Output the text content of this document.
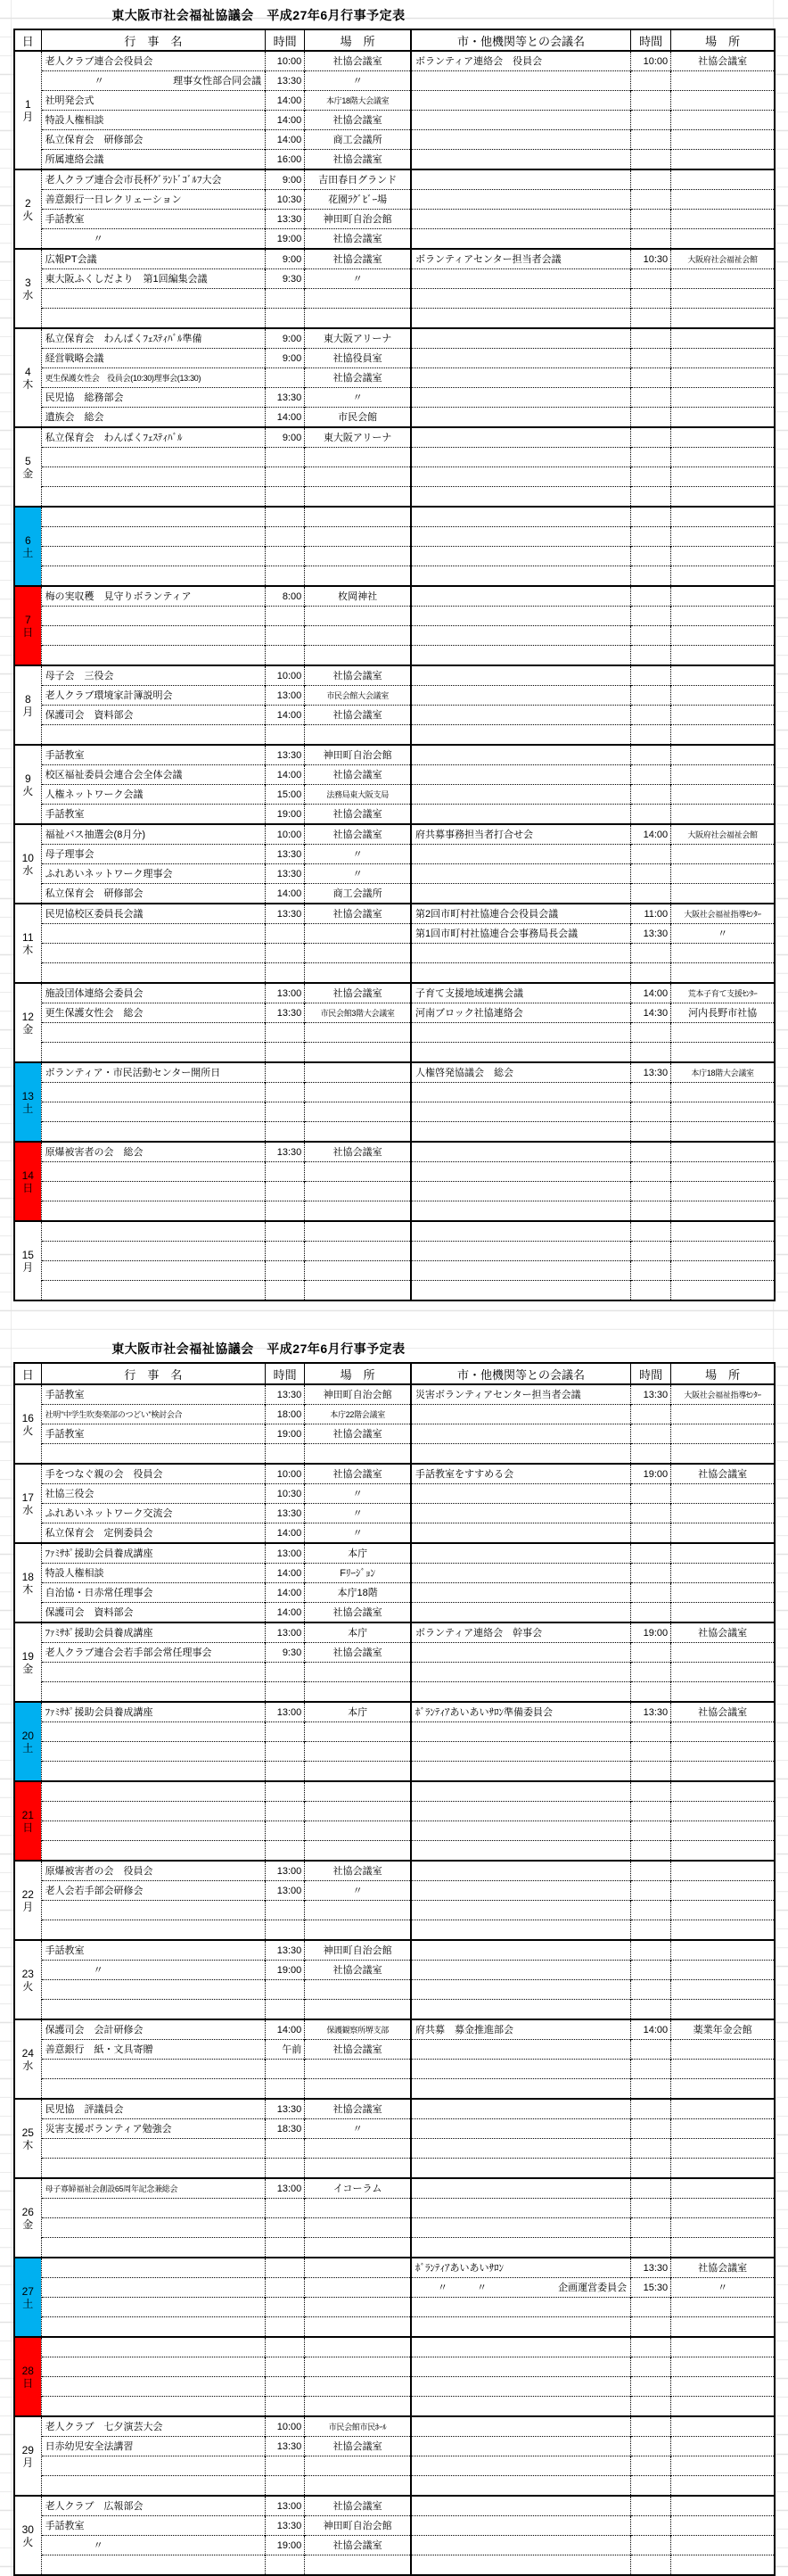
東大阪市社会福祉協議会　平成27年6月行事予定表
日	行　事　名	時間	場　所	市・他機関等との会議名	時間	場　所

1
月	老人クラブ連合会役員会	10:00	社協会議室	ボランティア連絡会　役員会	10:00	社協会議室

	〃 理事女性部合同会議	13:30	〃			
	社明発会式	14:00	本庁18階大会議室			
	特設人権相談	14:00	社協会議室			
	私立保育会　研修部会	14:00	商工会議所			
	所属連絡会議	16:00	社協会議室			

2
火	老人クラブ連合会市長杯ｸﾞﾗﾝﾄﾞｺﾞﾙﾌ大会	9:00	吉田春日グランド			
	善意銀行一日レクリェーション	10:30	花園ﾗｸﾞﾋﾞｰ場			
	手話教室	13:30	神田町自治会館			
	〃	19:00	社協会議室			

3
水	広報PT会議	9:00	社協会議室	ボランティアセンター担当者会議	10:30	大阪府社会福祉会館
	東大阪ふくしだより　第1回編集会議	9:30	〃			

4
木	私立保育会　わんぱくﾌｪｽﾃｨﾊﾞﾙ準備	9:00	東大阪アリーナ			
	経営戦略会議	9:00	社協役員室			
	更生保護女性会　役員会(10:30)理事会(13:30)		社協会議室			
	民児協　総務部会	13:30	〃			
	遺族会　総会	14:00	市民会館			

5
金	私立保育会　わんぱくﾌｪｽﾃｨﾊﾞﾙ	9:00	東大阪アリーナ			

6
土						

7
日	梅の実収穫　見守りボランティア	8:00	枚岡神社			

8
月	母子会　三役会	10:00	社協会議室			
	老人クラブ環境家計簿説明会	13:00	市民会館大会議室			
	保護司会　資料部会	14:00	社協会議室			

9
火	手話教室	13:30	神田町自治会館			
	校区福祉委員会連合会全体会議	14:00	社協会議室			
	人権ネットワーク会議	15:00	法務局東大阪支局			
	手話教室	19:00	社協会議室			

10
水	福祉バス抽選会(8月分)	10:00	社協会議室	府共募事務担当者打合せ会	14:00	大阪府社会福祉会館
	母子理事会	13:30	〃			
	ふれあいネットワーク理事会	13:30	〃			
	私立保育会　研修部会	14:00	商工会議所			

11
木	民児協校区委員長会議	13:30	社協会議室	第2回市町村社協連合会役員会議	11:00	大阪社会福祉指導ｾﾝﾀｰ
				第1回市町村社協連合会事務局長会議	13:30	〃

12
金	施設団体連絡会委員会	13:00	社協会議室	子育て支援地域連携会議	14:00	荒本子育て支援ｾﾝﾀｰ
	更生保護女性会　総会	13:30	市民会館3階大会議室	河南ブロック社協連絡会	14:30	河内長野市社協

13
土	ボランティア・市民活動センター開所日			人権啓発協議会　総会	13:30	本庁18階大会議室

14
日	原爆被害者の会　総会	13:30	社協会議室			

15
月						

東大阪市社会福祉協議会　平成27年6月行事予定表
日	行　事　名	時間	場　所	市・他機関等との会議名	時間	場　所

16
火	手話教室	13:30	神田町自治会館	災害ボランティアセンター担当者会議	13:30	大阪社会福祉指導ｾﾝﾀｰ
	社明"中学生吹奏楽部のつどい"検討会合	18:00	本庁22階会議室			
	手話教室	19:00	社協会議室			

17
水	手をつなぐ親の会　役員会	10:00	社協会議室	手話教室をすすめる会	19:00	社協会議室
	社協三役会	10:30	〃			
	ふれあいネットワーク交流会	13:30	〃			
	私立保育会　定例委員会	14:00	〃			

18
木	ﾌｧﾐｻﾎﾟ援助会員養成講座	13:00	本庁			
	特設人権相談	14:00	Fﾘｰｼﾞｮﾝ			
	自治協・日赤常任理事会	14:00	本庁18階			
	保護司会　資料部会	14:00	社協会議室			

19
金	ﾌｧﾐｻﾎﾟ援助会員養成講座	13:00	本庁	ボランティア連絡会　幹事会	19:00	社協会議室
	老人クラブ連合会若手部会常任理事会	9:30	社協会議室			

20
土	ﾌｧﾐｻﾎﾟ援助会員養成講座	13:00	本庁	ﾎﾞﾗﾝﾃｨｱあいあいｻﾛﾝ準備委員会	13:30	社協会議室

21
日						

22
月	原爆被害者の会　役員会	13:00	社協会議室			
	老人会若手部会研修会	13:00	〃			

23
火	手話教室	13:30	神田町自治会館			
	〃	19:00	社協会議室			

24
水	保護司会　会計研修会	14:00	保護観察所堺支部	府共募　募金推進部会	14:00	薬業年金会館
	善意銀行　紙・文具寄贈	午前	社協会議室			

25
木	民児協　評議員会	13:30	社協会議室			
	災害支援ボランティア勉強会	18:30	〃			

26
金	母子寡婦福祉会創設65周年記念兼総会	13:00	イコーラム			

27
土				ﾎﾞﾗﾝﾃｨｱあいあいｻﾛﾝ	13:30	社協会議室

				〃　　　〃 企画運営委員会	15:30	〃

28
日						

29
月	老人クラブ　七夕演芸大会	10:00	市民会館市民ﾎｰﾙ			
	日赤幼児安全法講習	13:30	社協会議室			

30
火	老人クラブ　広報部会	13:00	社協会議室			
	手話教室	13:30	神田町自治会館			
	〃	19:00	社協会議室			
